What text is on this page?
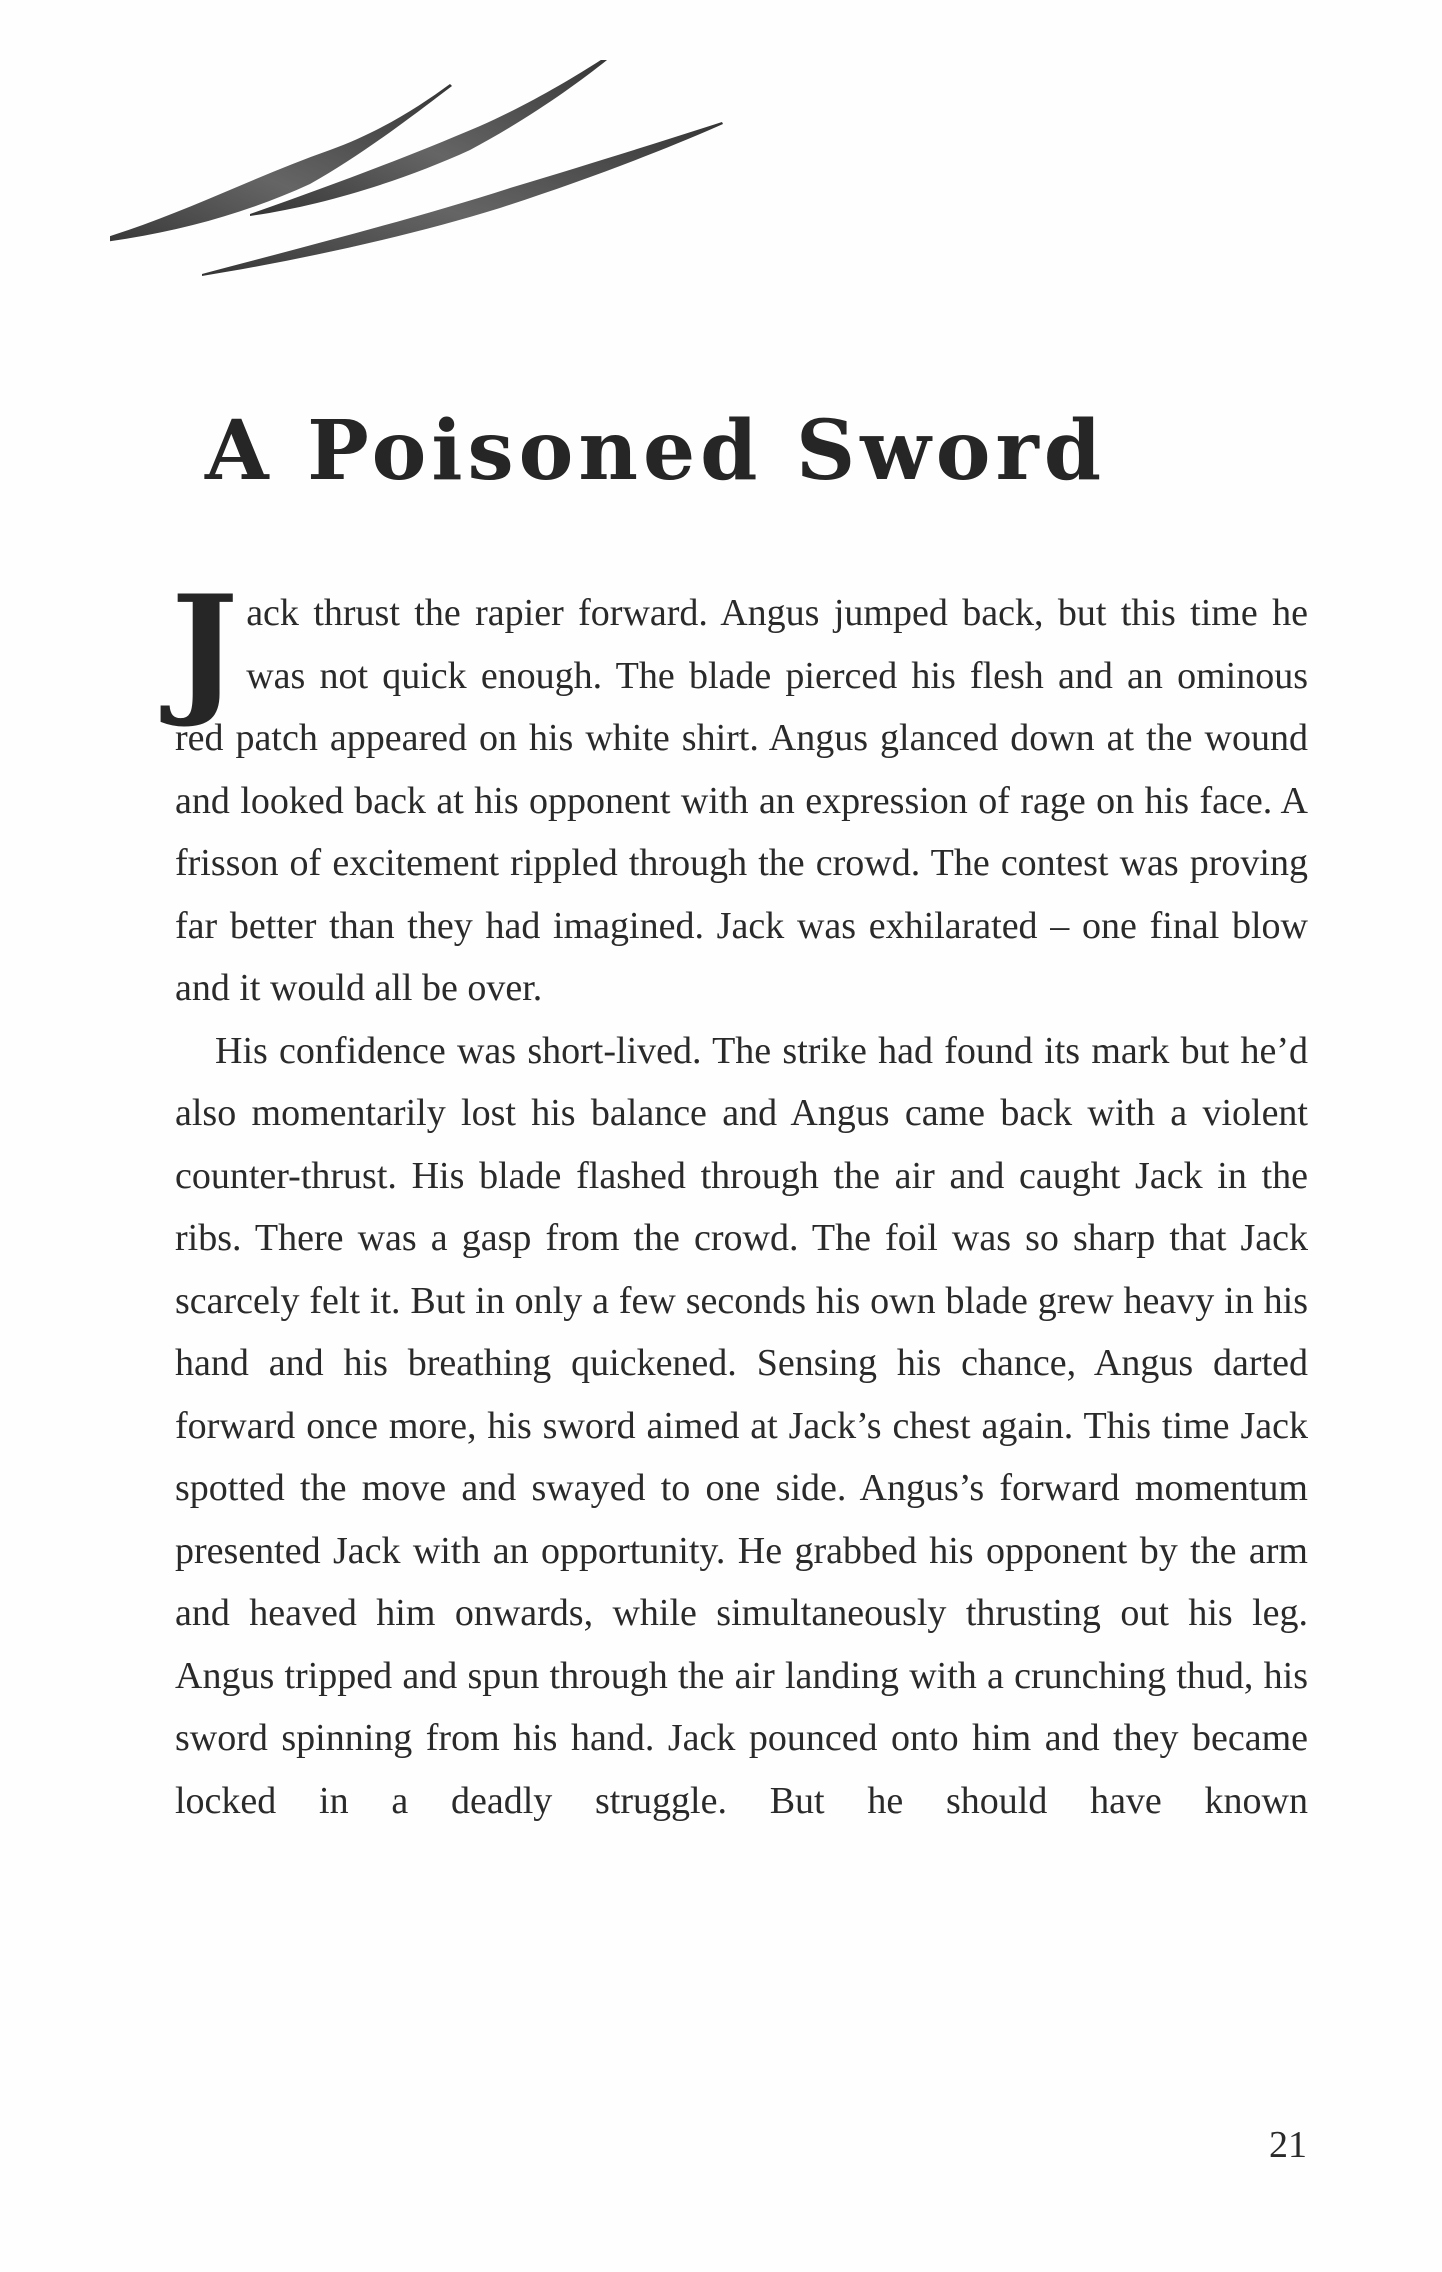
A Poisoned Sword

Jack thrust the rapier forward. Angus jumped back, but this time he was not quick enough. The blade pierced his flesh and an ominous red patch appeared on his white shirt. Angus glanced down at the wound and looked back at his opponent with an expression of rage on his face. A frisson of excitement rippled through the crowd. The contest was proving far better than they had imagined. Jack was exhilarated – one final blow and it would all be over.

His confidence was short-lived. The strike had found its mark but he’d also momentarily lost his balance and Angus came back with a violent counter-thrust. His blade flashed through the air and caught Jack in the ribs. There was a gasp from the crowd. The foil was so sharp that Jack scarcely felt it. But in only a few seconds his own blade grew heavy in his hand and his breathing quickened. Sensing his chance, Angus darted forward once more, his sword aimed at Jack’s chest again. This time Jack spotted the move and swayed to one side. Angus’s forward momentum presented Jack with an opportunity. He grabbed his opponent by the arm and heaved him onwards, while simultaneously thrusting out his leg. Angus tripped and spun through the air landing with a crunching thud, his sword spinning from his hand. Jack pounced onto him and they became locked in a deadly struggle. But he should have known

21
